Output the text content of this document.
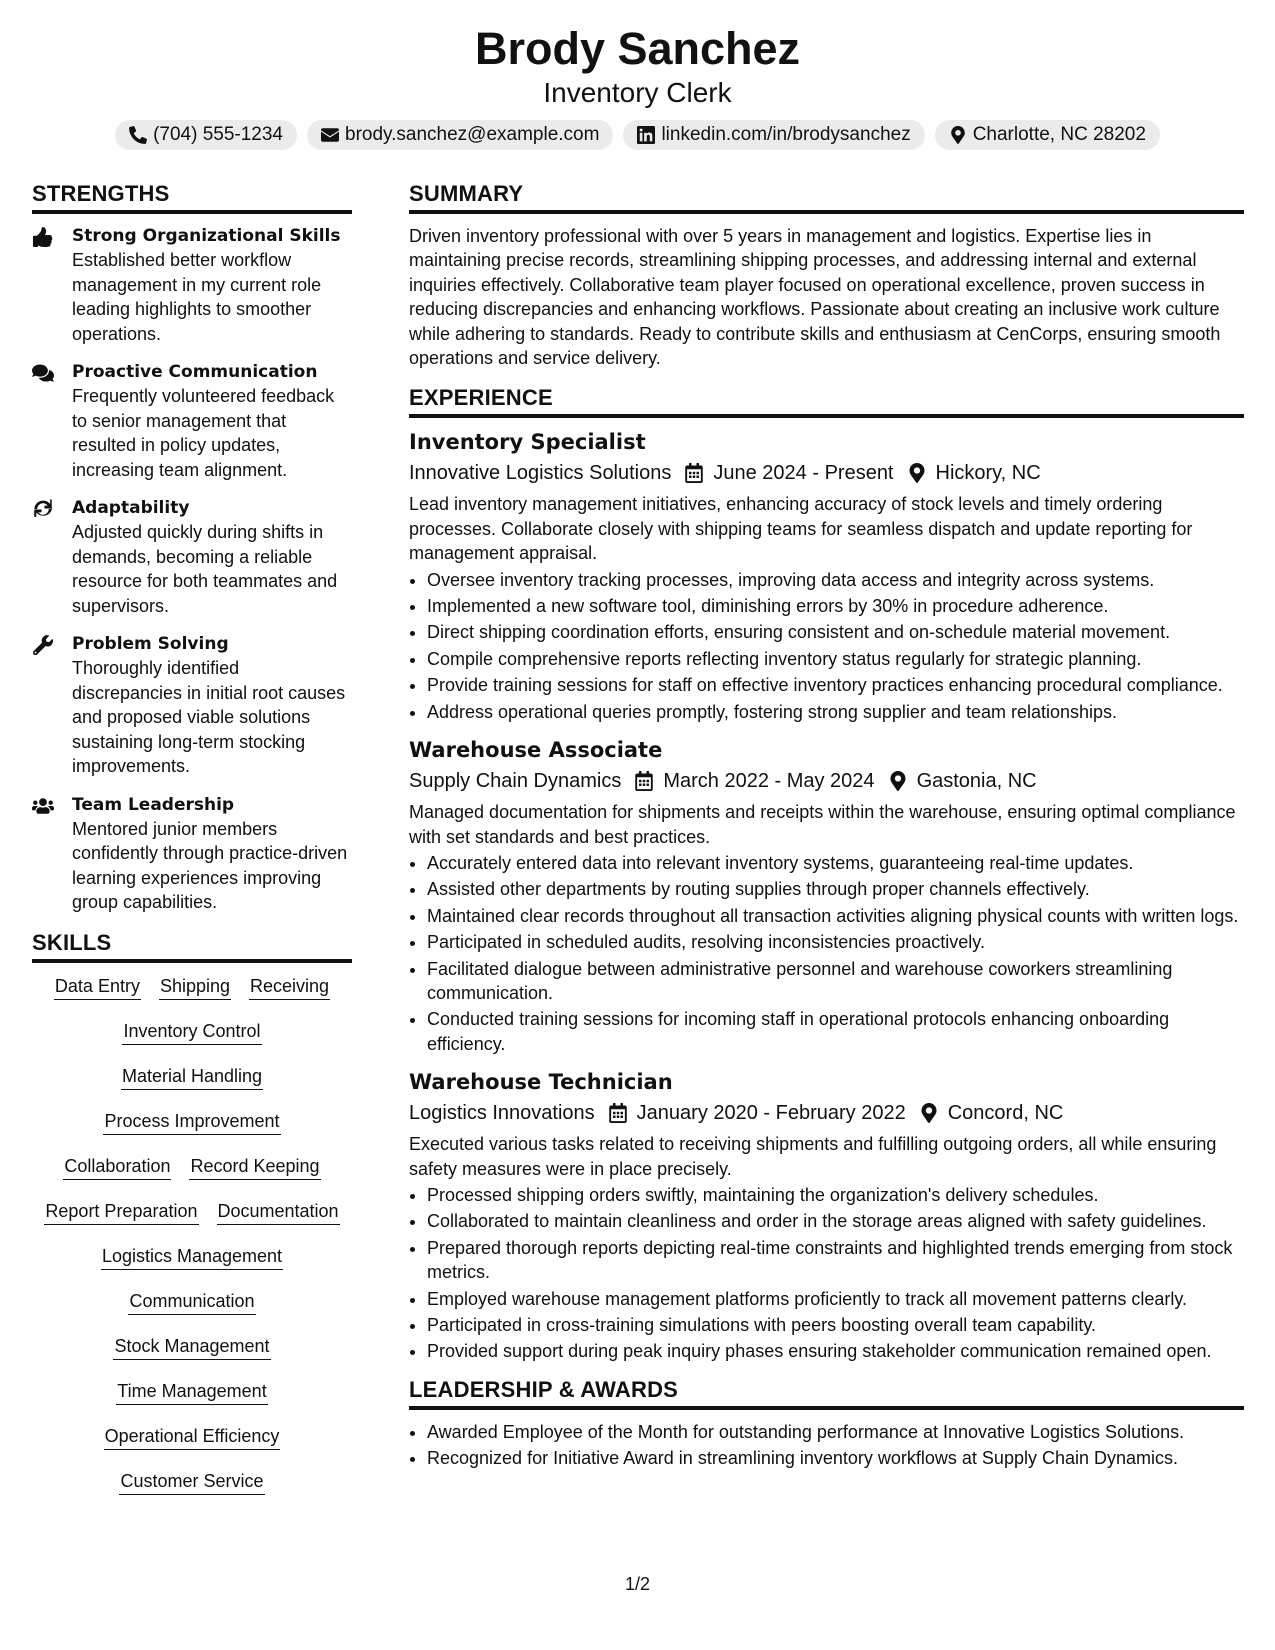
Brody Sanchez
Inventory Clerk
(704) 555-1234	brody.sanchez@example.com	linkedin.com/in/brodysanchez	Charlotte, NC 28202
STRENGTHS
Strong Organizational Skills
Established better workflow management in my current role leading highlights to smoother operations.
Proactive Communication
Frequently volunteered feedback to senior management that resulted in policy updates, increasing team alignment.
Adaptability
Adjusted quickly during shifts in demands, becoming a reliable resource for both teammates and supervisors.
Problem Solving
Thoroughly identified discrepancies in initial root causes and proposed viable solutions sustaining long-term stocking improvements.
Team Leadership
Mentored junior members confidently through practice-driven learning experiences improving group capabilities.
SKILLS
Data Entry Shipping Receiving
Inventory Control
Material Handling
Process Improvement
Collaboration Record Keeping
Report Preparation Documentation
Logistics Management
Communication
Stock Management
Time Management
Operational Efficiency
Customer Service
SUMMARY
Driven inventory professional with over 5 years in management and logistics. Expertise lies in maintaining precise records, streamlining shipping processes, and addressing internal and external inquiries effectively. Collaborative team player focused on operational excellence, proven success in reducing discrepancies and enhancing workflows. Passionate about creating an inclusive work culture while adhering to standards. Ready to contribute skills and enthusiasm at CenCorps, ensuring smooth operations and service delivery.
EXPERIENCE
Inventory Specialist
Innovative Logistics Solutions June 2024 - Present Hickory, NC
Lead inventory management initiatives, enhancing accuracy of stock levels and timely ordering processes. Collaborate closely with shipping teams for seamless dispatch and update reporting for management appraisal.
• Oversee inventory tracking processes, improving data access and integrity across systems.
• Implemented a new software tool, diminishing errors by 30% in procedure adherence.
• Direct shipping coordination efforts, ensuring consistent and on-schedule material movement.
• Compile comprehensive reports reflecting inventory status regularly for strategic planning.
• Provide training sessions for staff on effective inventory practices enhancing procedural compliance.
• Address operational queries promptly, fostering strong supplier and team relationships.
Warehouse Associate
Supply Chain Dynamics March 2022 - May 2024 Gastonia, NC
Managed documentation for shipments and receipts within the warehouse, ensuring optimal compliance with set standards and best practices.
• Accurately entered data into relevant inventory systems, guaranteeing real-time updates.
• Assisted other departments by routing supplies through proper channels effectively.
• Maintained clear records throughout all transaction activities aligning physical counts with written logs.
• Participated in scheduled audits, resolving inconsistencies proactively.
• Facilitated dialogue between administrative personnel and warehouse coworkers streamlining communication.
• Conducted training sessions for incoming staff in operational protocols enhancing onboarding efficiency.
Warehouse Technician
Logistics Innovations January 2020 - February 2022 Concord, NC
Executed various tasks related to receiving shipments and fulfilling outgoing orders, all while ensuring safety measures were in place precisely.
• Processed shipping orders swiftly, maintaining the organization's delivery schedules.
• Collaborated to maintain cleanliness and order in the storage areas aligned with safety guidelines.
• Prepared thorough reports depicting real-time constraints and highlighted trends emerging from stock metrics.
• Employed warehouse management platforms proficiently to track all movement patterns clearly.
• Participated in cross-training simulations with peers boosting overall team capability.
• Provided support during peak inquiry phases ensuring stakeholder communication remained open.
LEADERSHIP & AWARDS
• Awarded Employee of the Month for outstanding performance at Innovative Logistics Solutions.
• Recognized for Initiative Award in streamlining inventory workflows at Supply Chain Dynamics.
1/2
